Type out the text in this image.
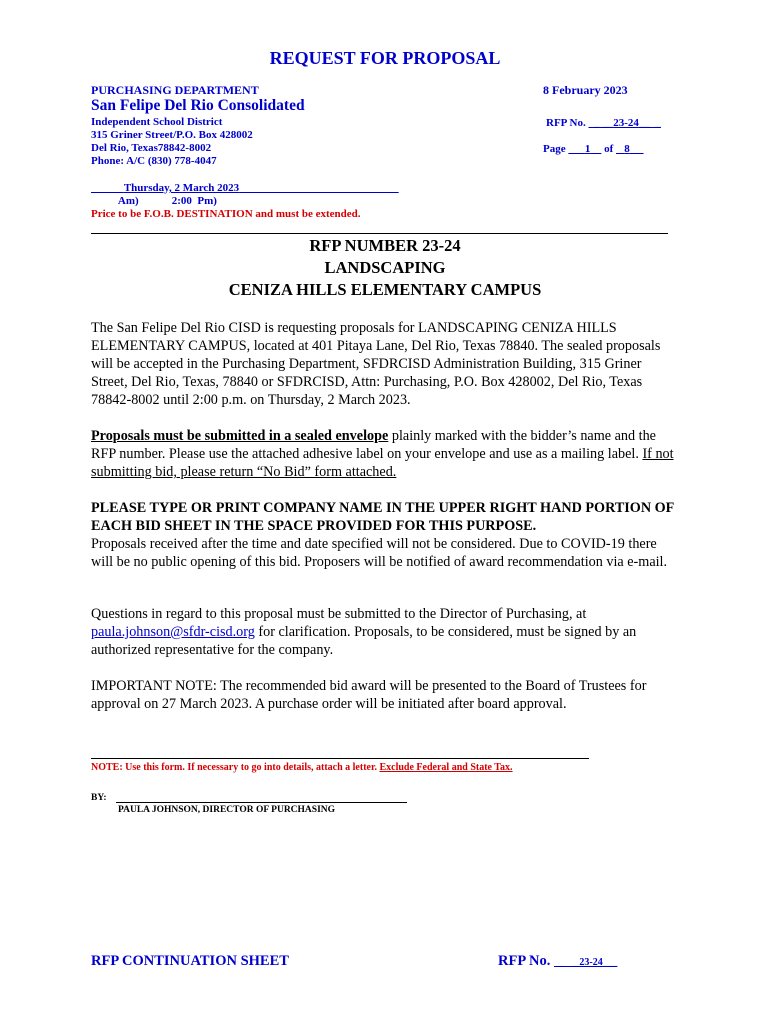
REQUEST FOR PROPOSAL
PURCHASING DEPARTMENT	8 February 2023
San Felipe Del Rio Consolidated
Independent School District
315 Griner Street/P.O. Box 428002
Del Rio, Texas78842-8002
Phone: A/C (830) 778-4047
RFP No.   _ __23-24__  _
Page 1 of 8
Thursday, 2 March 2023
Am)	2:00  Pm)
Price to be F.O.B. DESTINATION and must be extended.
RFP NUMBER 23-24
LANDSCAPING
CENIZA HILLS ELEMENTARY CAMPUS
The San Felipe Del Rio CISD is requesting proposals for LANDSCAPING CENIZA HILLS ELEMENTARY CAMPUS, located at 401 Pitaya Lane, Del Rio, Texas 78840. The sealed proposals will be accepted in the Purchasing Department, SFDRCISD Administration Building, 315 Griner Street, Del Rio, Texas, 78840 or SFDRCISD, Attn: Purchasing, P.O. Box 428002, Del Rio, Texas 78842-8002 until 2:00 p.m. on Thursday, 2 March 2023.
Proposals must be submitted in a sealed envelope plainly marked with the bidder’s name and the RFP number. Please use the attached adhesive label on your envelope and use as a mailing label. If not submitting bid, please return “No Bid” form attached.
PLEASE TYPE OR PRINT COMPANY NAME IN THE UPPER RIGHT HAND PORTION OF EACH BID SHEET IN THE SPACE PROVIDED FOR THIS PURPOSE.
Proposals received after the time and date specified will not be considered. Due to COVID-19 there will be no public opening of this bid. Proposers will be notified of award recommendation via e-mail.
Questions in regard to this proposal must be submitted to the Director of Purchasing, at paula.johnson@sfdr-cisd.org for clarification. Proposals, to be considered, must be signed by an authorized representative for the company.
IMPORTANT NOTE: The recommended bid award will be presented to the Board of Trustees for approval on 27 March 2023. A purchase order will be initiated after board approval.
NOTE: Use this form. If necessary to go into details, attach a letter. Exclude Federal and State Tax.
BY:
PAULA JOHNSON, DIRECTOR OF PURCHASING
RFP CONTINUATION SHEET	RFP No.  _  _23-24__
